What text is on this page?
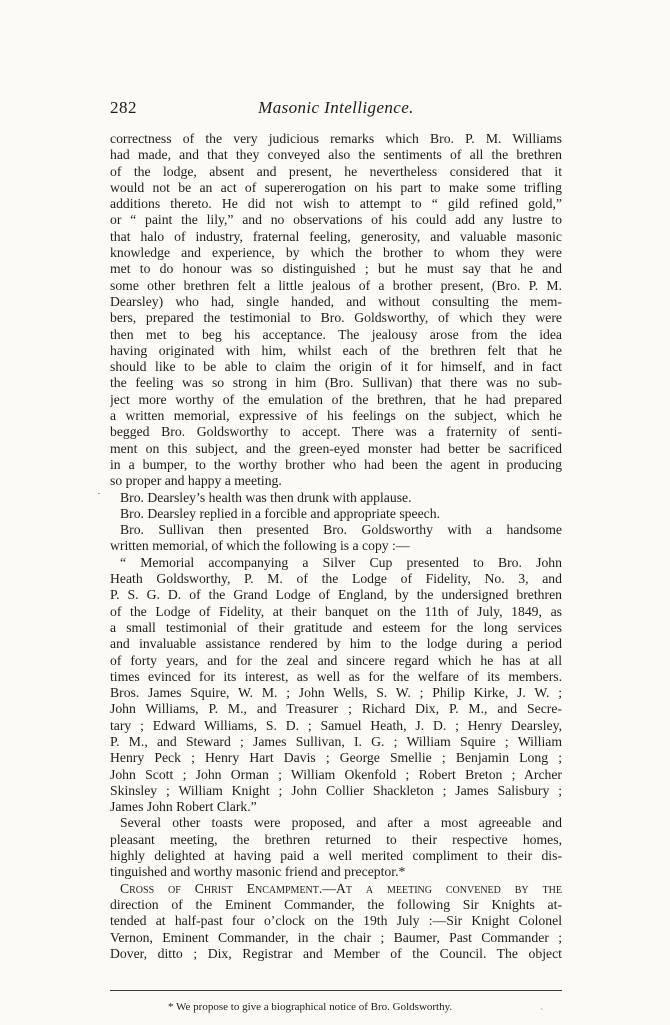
282	Masonic Intelligence.
correctness of the very judicious remarks which Bro. P. M. Williams
had made, and that they conveyed also the sentiments of all the brethren
of the lodge, absent and present, he nevertheless considered that it
would not be an act of supererogation on his part to make some trifling
additions thereto. He did not wish to attempt to “ gild refined gold,”
or “ paint the lily,” and no observations of his could add any lustre to
that halo of industry, fraternal feeling, generosity, and valuable masonic
knowledge and experience, by which the brother to whom they were
met to do honour was so distinguished ; but he must say that he and
some other brethren felt a little jealous of a brother present, (Bro. P. M.
Dearsley) who had, single handed, and without consulting the mem-
bers, prepared the testimonial to Bro. Goldsworthy, of which they were
then met to beg his acceptance. The jealousy arose from the idea
having originated with him, whilst each of the brethren felt that he
should like to be able to claim the origin of it for himself, and in fact
the feeling was so strong in him (Bro. Sullivan) that there was no sub-
ject more worthy of the emulation of the brethren, that he had prepared
a written memorial, expressive of his feelings on the subject, which he
begged Bro. Goldsworthy to accept. There was a fraternity of senti-
ment on this subject, and the green-eyed monster had better be sacrificed
in a bumper, to the worthy brother who had been the agent in producing
so proper and happy a meeting.
Bro. Dearsley’s health was then drunk with applause.
Bro. Dearsley replied in a forcible and appropriate speech.
Bro. Sullivan then presented Bro. Goldsworthy with a handsome
written memorial, of which the following is a copy :—
“ Memorial accompanying a Silver Cup presented to Bro. John
Heath Goldsworthy, P. M. of the Lodge of Fidelity, No. 3, and
P. S. G. D. of the Grand Lodge of England, by the undersigned brethren
of the Lodge of Fidelity, at their banquet on the 11th of July, 1849, as
a small testimonial of their gratitude and esteem for the long services
and invaluable assistance rendered by him to the lodge during a period
of forty years, and for the zeal and sincere regard which he has at all
times evinced for its interest, as well as for the welfare of its members.
Bros. James Squire, W. M. ; John Wells, S. W. ; Philip Kirke, J. W. ;
John Williams, P. M., and Treasurer ; Richard Dix, P. M., and Secre-
tary ; Edward Williams, S. D. ; Samuel Heath, J. D. ; Henry Dearsley,
P. M., and Steward ; James Sullivan, I. G. ; William Squire ; William
Henry Peck ; Henry Hart Davis ; George Smellie ; Benjamin Long ;
John Scott ; John Orman ; William Okenfold ; Robert Breton ; Archer
Skinsley ; William Knight ; John Collier Shackleton ; James Salisbury ;
James John Robert Clark.”
Several other toasts were proposed, and after a most agreeable and
pleasant meeting, the brethren returned to their respective homes,
highly delighted at having paid a well merited compliment to their dis-
tinguished and worthy masonic friend and preceptor.*
Cross of Christ Encampment.—At a meeting convened by the
direction of the Eminent Commander, the following Sir Knights at-
tended at half-past four o’clock on the 19th July :—Sir Knight Colonel
Vernon, Eminent Commander, in the chair ; Baumer, Past Commander ;
Dover, ditto ; Dix, Registrar and Member of the Council. The object
* We propose to give a biographical notice of Bro. Goldsworthy.
·
ˋ
